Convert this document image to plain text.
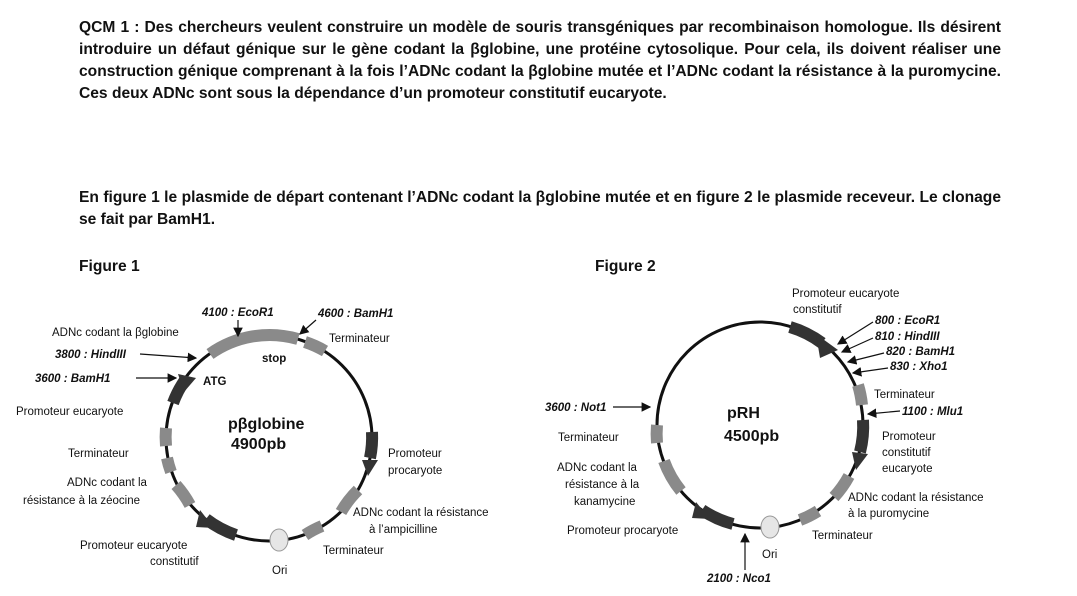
QCM 1 : Des chercheurs veulent construire un modèle de souris transgéniques par recombinaison homologue. Ils désirent introduire un défaut génique sur le gène codant la βglobine, une protéine cytosolique. Pour cela, ils doivent réaliser une construction génique comprenant à la fois l’ADNc codant la βglobine mutée et l’ADNc codant la résistance à la puromycine. Ces deux ADNc sont sous la dépendance d’un promoteur constitutif eucaryote.

En figure 1 le plasmide de départ contenant l’ADNc codant la βglobine mutée et en figure 2 le plasmide receveur. Le clonage se fait par BamH1.

Figure 1	Figure 2
pβglobine
4900pb
4100 : EcoR1	4600 : BamH1
3800 : HindIII
3600 : BamH1
ADNc codant la βglobine	Terminateur
stop
ATG
Promoteur eucaryote
Terminateur
ADNc codant la
résistance à la zéocine
Promoteur eucaryote
constitutif
Ori
Terminateur
ADNc codant la résistance
à l’ampicilline
Promoteur
procaryote
pRH
4500pb
800 : EcoR1
810 : HindIII
820 : BamH1
830 : Xho1
1100 : Mlu1
3600 : Not1
2100 : Nco1
Promoteur eucaryote
constitutif
Terminateur
Promoteur
constitutif
eucaryote
ADNc codant la résistance
à la puromycine
Terminateur
Ori
Promoteur procaryote
ADNc codant la
résistance à la
kanamycine
Terminateur
